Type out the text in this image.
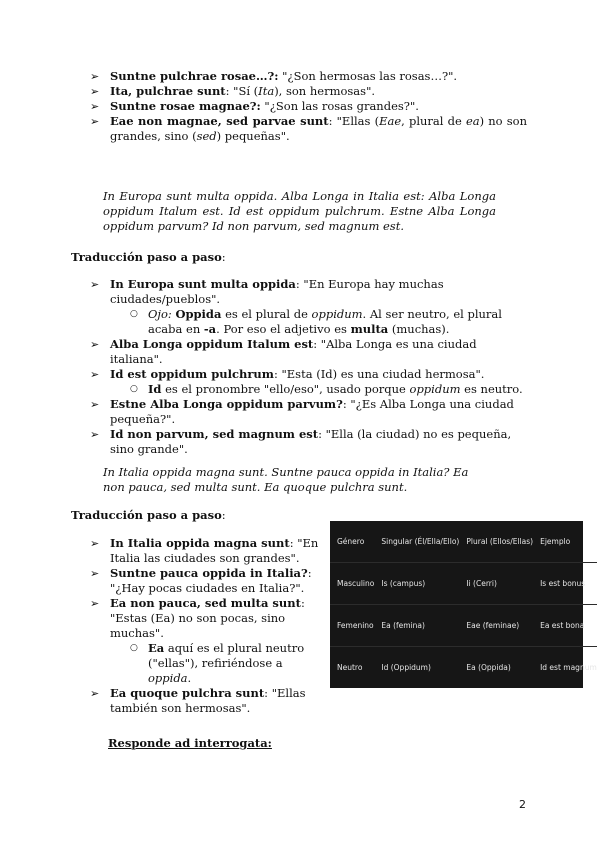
➢ Suntne pulchrae rosae…?: "¿Son hermosas las rosas…?".
➢ Ita, pulchrae sunt: "Sí (Ita), son hermosas".
➢ Suntne rosae magnae?: "¿Son las rosas grandes?".
➢ Eae non magnae, sed parvae sunt: "Ellas (Eae, plural de ea) no son grandes, sino (sed) pequeñas".
In Europa sunt multa oppida. Alba Longa in Italia est: Alba Longa oppidum Italum est. Id est oppidum pulchrum. Estne Alba Longa oppidum parvum? Id non parvum, sed magnum est.
Traducción paso a paso:
➢ In Europa sunt multa oppida: "En Europa hay muchas ciudades/pueblos".
○ Ojo: Oppida es el plural de oppidum. Al ser neutro, el plural acaba en -a. Por eso el adjetivo es multa (muchas).
➢ Alba Longa oppidum Italum est: "Alba Longa es una ciudad italiana".
➢ Id est oppidum pulchrum: "Esta (Id) es una ciudad hermosa".
○ Id es el pronombre "ello/eso", usado porque oppidum es neutro.
➢ Estne Alba Longa oppidum parvum?: "¿Es Alba Longa una ciudad pequeña?".
➢ Id non parvum, sed magnum est: "Ella (la ciudad) no es pequeña, sino grande".
In Italia oppida magna sunt. Suntne pauca oppida in Italia? Ea non pauca, sed multa sunt. Ea quoque pulchra sunt.
Traducción paso a paso:
➢ In Italia oppida magna sunt: "En Italia las ciudades son grandes".
➢ Suntne pauca oppida in Italia?: "¿Hay pocas ciudades en Italia?".
➢ Ea non pauca, sed multa sunt: "Estas (Ea) no son pocas, sino muchas".
○ Ea aquí es el plural neutro ("ellas"), refiriéndose a oppida.
➢ Ea quoque pulchra sunt: "Ellas también son hermosas".
Género	Singular (Él/Ella/Ello)	Plural (Ellos/Ellas)	Ejemplo
Masculino	Is (campus)	Ii (Cerri)	Is est bonus
Femenino	Ea (femina)	Eae (feminae)	Ea est bona
Neutro	Id (Oppidum)	Ea (Oppida)	Id est magnum
Responde ad interrogata:
2
